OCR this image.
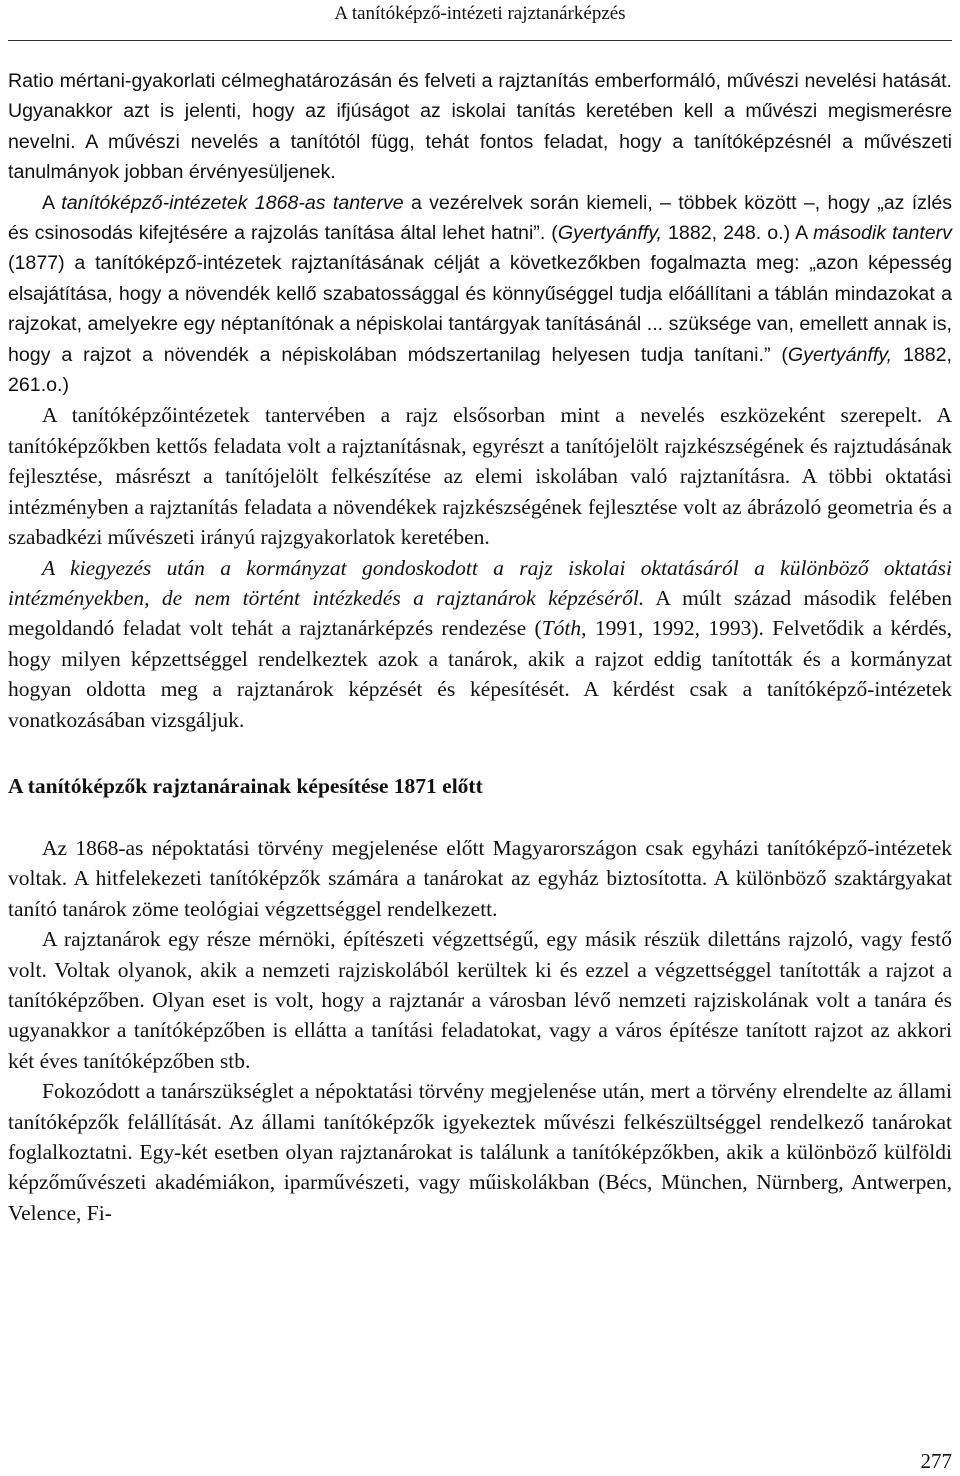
A tanítóképző-intézeti rajztanárképzés

Ratio mértani-gyakorlati célmeghatározásán és felveti a rajztanítás emberformáló, művészi nevelési hatását. Ugyanakkor azt is jelenti, hogy az ifjúságot az iskolai tanítás keretében kell a művészi megismerésre nevelni. A művészi nevelés a tanítótól függ, tehát fontos feladat, hogy a tanítóképzésnél a művészeti tanulmányok jobban érvényesüljenek.

A tanítóképző-intézetek 1868-as tanterve a vezérelvek során kiemeli, – többek között –, hogy „az ízlés és csinosodás kifejtésére a rajzolás tanítása által lehet hatni”. (Gyertyánffy, 1882, 248. o.) A második tanterv (1877) a tanítóképző-intézetek rajztanításának célját a következőkben fogalmazta meg: „azon képesség elsajátítása, hogy a növendék kellő szabatossággal és könnyűséggel tudja előállítani a táblán mindazokat a rajzokat, amelyekre egy néptanítónak a népiskolai tantárgyak tanításánál ... szüksége van, emellett annak is, hogy a rajzot a növendék a népiskolában módszertanilag helyesen tudja tanítani.” (Gyertyánffy, 1882, 261.o.)

A tanítóképzőintézetek tantervében a rajz elsősorban mint a nevelés eszközeként szerepelt. A tanítóképzőkben kettős feladata volt a rajztanításnak, egyrészt a tanítójelölt rajzkészségének és rajztudásának fejlesztése, másrészt a tanítójelölt felkészítése az elemi iskolában való rajztanításra. A többi oktatási intézményben a rajztanítás feladata a növendékek rajzkészségének fejlesztése volt az ábrázoló geometria és a szabadkézi művészeti irányú rajzgyakorlatok keretében.

A kiegyezés után a kormányzat gondoskodott a rajz iskolai oktatásáról a különböző oktatási intézményekben, de nem történt intézkedés a rajztanárok képzéséről. A múlt század második felében megoldandó feladat volt tehát a rajztanárképzés rendezése (Tóth, 1991, 1992, 1993). Felvetődik a kérdés, hogy milyen képzettséggel rendelkeztek azok a tanárok, akik a rajzot eddig tanították és a kormányzat hogyan oldotta meg a rajztanárok képzését és képesítését. A kérdést csak a tanítóképző-intézetek vonatkozásában vizsgáljuk.

A tanítóképzők rajztanárainak képesítése 1871 előtt

Az 1868-as népoktatási törvény megjelenése előtt Magyarországon csak egyházi tanítóképző-intézetek voltak. A hitfelekezeti tanítóképzők számára a tanárokat az egyház biztosította. A különböző szaktárgyakat tanító tanárok zöme teológiai végzettséggel rendelkezett.

A rajztanárok egy része mérnöki, építészeti végzettségű, egy másik részük dilettáns rajzoló, vagy festő volt. Voltak olyanok, akik a nemzeti rajziskolából kerültek ki és ezzel a végzettséggel tanították a rajzot a tanítóképzőben. Olyan eset is volt, hogy a rajztanár a városban lévő nemzeti rajziskolának volt a tanára és ugyanakkor a tanítóképzőben is ellátta a tanítási feladatokat, vagy a város építésze tanított rajzot az akkori két éves tanítóképzőben stb.

Fokozódott a tanárszükséglet a népoktatási törvény megjelenése után, mert a törvény elrendelte az állami tanítóképzők felállítását. Az állami tanítóképzők igyekeztek művészi felkészültséggel rendelkező tanárokat foglalkoztatni. Egy-két esetben olyan rajztanárokat is találunk a tanítóképzőkben, akik a különböző külföldi képzőművészeti akadémiákon, iparművészeti, vagy műiskolákban (Bécs, München, Nürnberg, Antwerpen, Velence, Fi-

277
